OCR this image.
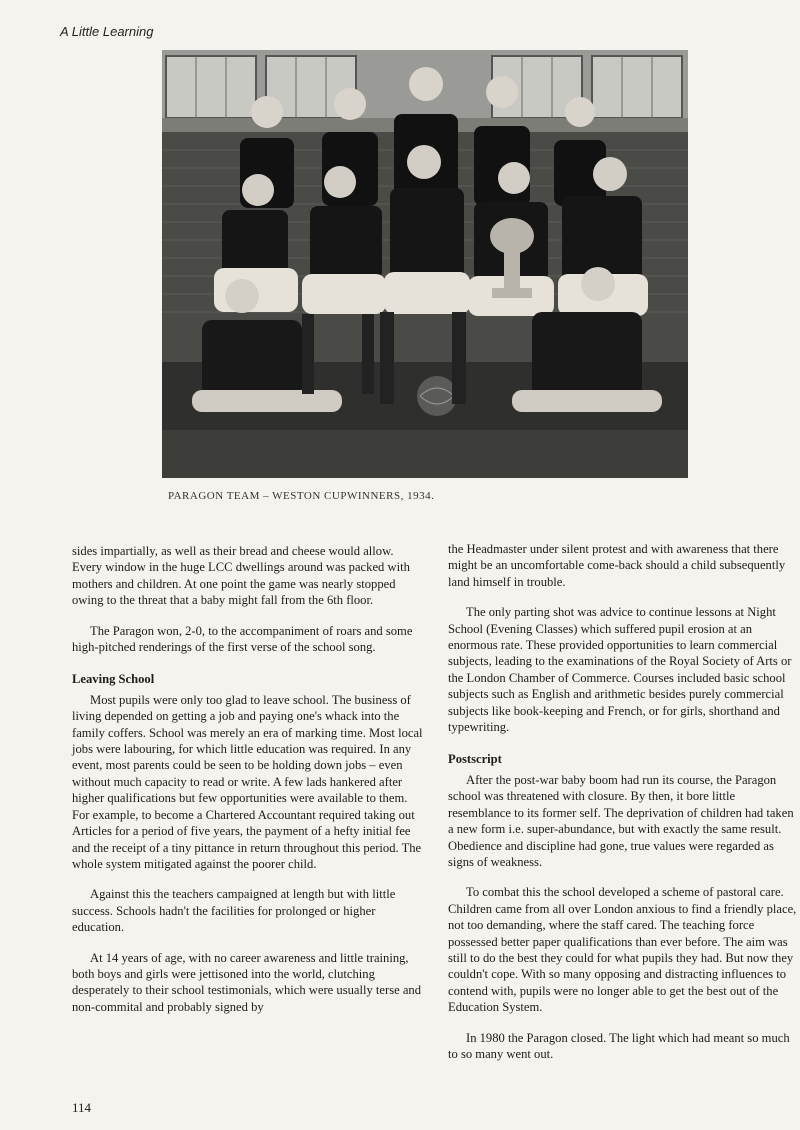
A Little Learning
PARAGON TEAM – WESTON CUPWINNERS, 1934.

sides impartially, as well as their bread and cheese would allow. Every window in the huge LCC dwellings around was packed with mothers and children. At one point the game was nearly stopped owing to the threat that a baby might fall from the 6th floor.

The Paragon won, 2-0, to the accompaniment of roars and some high-pitched renderings of the first verse of the school song.

Leaving School

Most pupils were only too glad to leave school. The business of living depended on getting a job and paying one's whack into the family coffers. School was merely an era of marking time. Most local jobs were labouring, for which little education was required. In any event, most parents could be seen to be holding down jobs – even without much capacity to read or write. A few lads hankered after higher qualifications but few opportunities were available to them. For example, to become a Chartered Accountant required taking out Articles for a period of five years, the payment of a hefty initial fee and the receipt of a tiny pittance in return throughout this period. The whole system mitigated against the poorer child.

Against this the teachers campaigned at length but with little success. Schools hadn't the facilities for prolonged or higher education.

At 14 years of age, with no career awareness and little training, both boys and girls were jettisoned into the world, clutching desperately to their school testimonials, which were usually terse and non-commital and probably signed by

the Headmaster under silent protest and with awareness that there might be an uncomfortable come-back should a child subsequently land himself in trouble.

The only parting shot was advice to continue lessons at Night School (Evening Classes) which suffered pupil erosion at an enormous rate. These provided opportunities to learn commercial subjects, leading to the examinations of the Royal Society of Arts or the London Chamber of Commerce. Courses included basic school subjects such as English and arithmetic besides purely commercial subjects like book-keeping and French, or for girls, shorthand and typewriting.

Postscript

After the post-war baby boom had run its course, the Paragon school was threatened with closure. By then, it bore little resemblance to its former self. The deprivation of children had taken a new form i.e. super-abundance, but with exactly the same result. Obedience and discipline had gone, true values were regarded as signs of weakness.

To combat this the school developed a scheme of pastoral care. Children came from all over London anxious to find a friendly place, not too demanding, where the staff cared. The teaching force possessed better paper qualifications than ever before. The aim was still to do the best they could for what pupils they had. But now they couldn't cope. With so many opposing and distracting influences to contend with, pupils were no longer able to get the best out of the Education System.

In 1980 the Paragon closed. The light which had meant so much to so many went out.

114
